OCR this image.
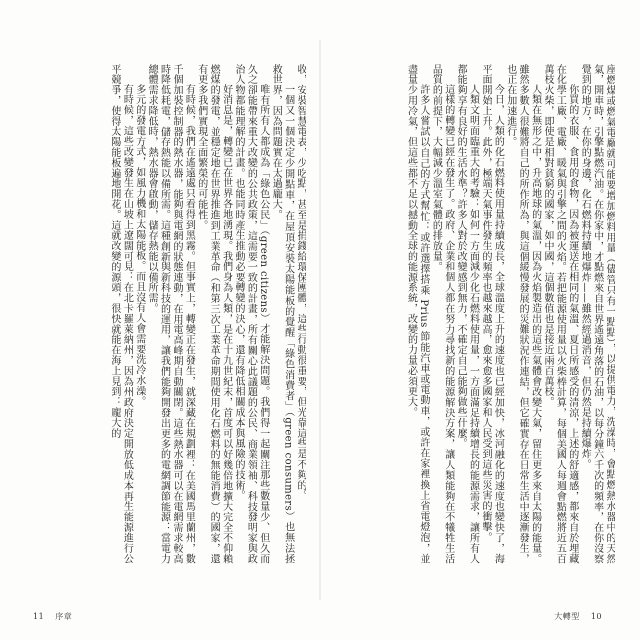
收，安裝智慧電表，少吃點，甚至是捐錢給環保團體，這些行動很重要，但光靠這些是不夠的。

一個又一個決定少開點車，在屋頂安裝太陽能板的覺醒「綠色消費者」（green consumers）也無法拯救世界，因為問題實在太過龐大。

唯有所有人都成為「綠色公民」（green citizens）才能解決問題。我們得一起關注那些數量少、但久而久之卻能帶來重大改變的公共政策，這需要一致的計畫，所有關心此議題的公民、商業領袖、科技發明家與政治人物都能理解的計畫。也能同時產生推動必要轉變的決心，還有降低相關成本與風險的技術。

好消息是，轉變已在世界各地湧現。我們身為人類，是在十九世紀末，首度可以好幾倍地擴大完全不仰賴燃煤的發電，並穩定地在世界推進到工業革命（和第三次工業革命期間使用化石燃料的無能消費）的國家，還有更多我們實現全面繁榮的可能性。

有時候，我們在遙遠處只看得到黑霧。但事實上，轉變正在發生，就深藏在規劃裡：在美國馬里蘭州，數千個加裝控制器的熱水器，能夠與電網的狀態連動，在用電高峰期自動關閉。這些熱水器可以在電網需求較高時降低耗電，儲存熱能以備所需。這種創新與新科技的運用，讓我們能夠開發出更多的電網調節能源：當電力總體需求降低時，熱水器會啟動，儲存熱能以備所需。

多元的發電方式，如風力機和太陽能板。而且沒有人會需要洗冷水澡。

有時候，這些改變發生在山坡上遼闊可見：在北卡羅萊納州，因為州政府決定開放低成本再生能源進行公平競爭，使得太陽能板遍地開花。這就改變的源頭，很快就能在海上見到：龐大的

11 序章

座燃煤或燃氣電廠就可能要增加燃料用量（儘管只有一點點），以提供電力，洗澡時，會點燃熱水器中的天然氣，開車時，引擎點燃汽油。在你家中，才點燃來自世界遙遠角落的石油，以每分鐘六千次的頻率，在你沒察覺到的地方，在你的身邊，化石燃料持續地爆炸——雖然經過消音，但仍然是持續爆炸。

你買的衣服、食用的食物，因為被運送在相同的氣溫、夏日所感受的清涼，上述的舒適感，都來自於埋藏在化學工廠、電廠、暖氣與引擎之間的火焰。若把能源使用量以火柴棒計算，每個美國人每週會點燃將近五百萬枝火柴，即使是相對貧窮的國家，如中國，這個數值也是接近兩百萬枝。

人類在無形之中，升高地球的氣溫，因為火焰製造出的這些氣體會改變大氣，留住更多來自太陽的能量。雖然多數人很難將自己的所作所為，與這個緩慢發展的災難狀況作連結，但它確實存在日常生活中逐漸發生，也正在加速進行。

今日，人類的化石燃料使用量持續成長，全球溫度上升的速度也已經加快，冰河融化的速度也變快了，海平面開始上升。此外，極端天氣事件發生的頻率也越來越高，愈來愈多國家和人民受到這些災害的衝擊。

人類文明面臨重大的考驗：如何一方面減少化石燃料使用量，一方面滿足持續增長的能源需求，讓所有人都能夠享有良好的生活水準？許多人對於改變感到無力，不確定自己能夠做些什麼。

這樣的轉變已經在發生了。政府、企業和個人都在努力尋找新的能源解決方案，讓人類能夠在不犧牲生活品質的前提下，大幅減少溫室氣體的排放量。

許多人嘗試以自己的方式幫忙：或許選擇搭乘 Prius 節能汽車或電動車，或許在家裡換上省電燈泡，並盡量少用冷氣，但這些都不足以撼動全球的能源系統，改變的力量必須更大。

大轉型 10
